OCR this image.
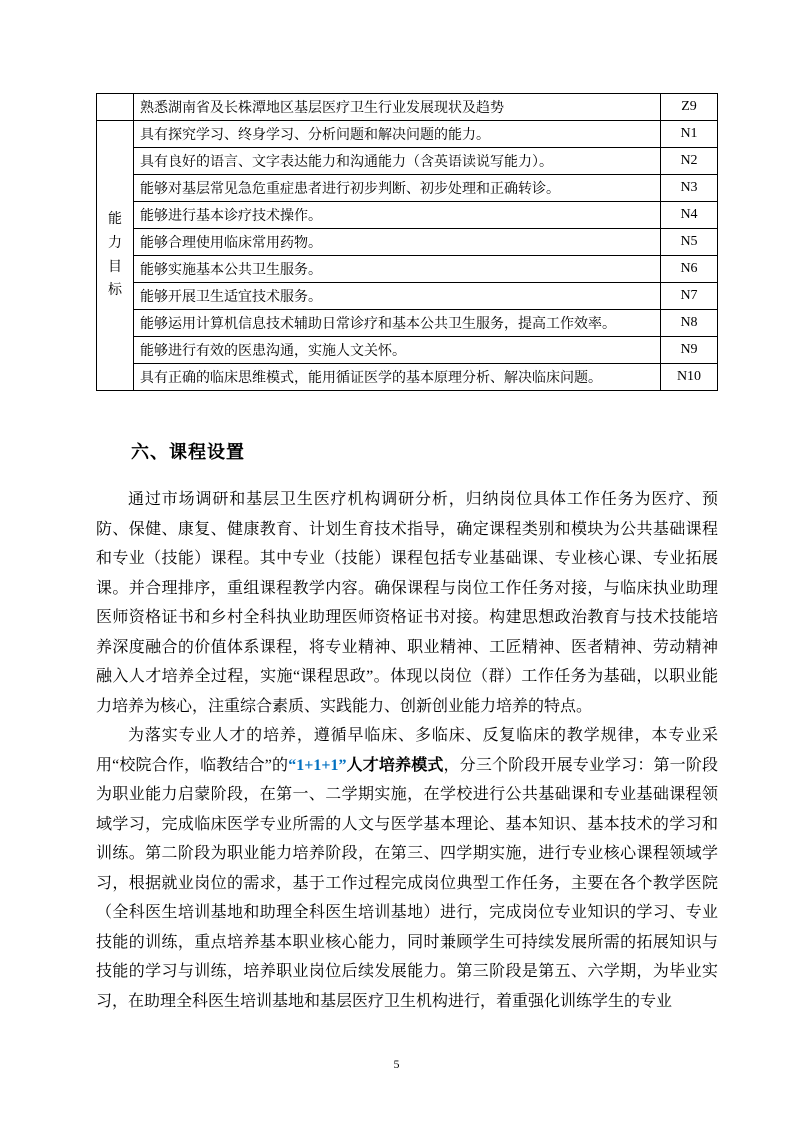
	熟悉湖南省及长株潭地区基层医疗卫生行业发展现状及趋势	Z9
能力目标	具有探究学习、终身学习、分析问题和解决问题的能力。	N1
	具有良好的语言、文字表达能力和沟通能力（含英语读说写能力）。	N2
	能够对基层常见急危重症患者进行初步判断、初步处理和正确转诊。	N3
	能够进行基本诊疗技术操作。	N4
	能够合理使用临床常用药物。	N5
	能够实施基本公共卫生服务。	N6
	能够开展卫生适宜技术服务。	N7
	能够运用计算机信息技术辅助日常诊疗和基本公共卫生服务，提高工作效率。	N8
	能够进行有效的医患沟通，实施人文关怀。	N9
	具有正确的临床思维模式，能用循证医学的基本原理分析、解决临床问题。	N10
六、课程设置

通过市场调研和基层卫生医疗机构调研分析，归纳岗位具体工作任务为医疗、预防、保健、康复、健康教育、计划生育技术指导，确定课程类别和模块为公共基础课程和专业（技能）课程。其中专业（技能）课程包括专业基础课、专业核心课、专业拓展课。并合理排序，重组课程教学内容。确保课程与岗位工作任务对接，与临床执业助理医师资格证书和乡村全科执业助理医师资格证书对接。构建思想政治教育与技术技能培养深度融合的价值体系课程，将专业精神、职业精神、工匠精神、医者精神、劳动精神融入人才培养全过程，实施“课程思政”。体现以岗位（群）工作任务为基础，以职业能力培养为核心，注重综合素质、实践能力、创新创业能力培养的特点。

为落实专业人才的培养，遵循早临床、多临床、反复临床的教学规律，本专业采用“校院合作，临教结合”的“1+1+1”人才培养模式，分三个阶段开展专业学习：第一阶段为职业能力启蒙阶段，在第一、二学期实施，在学校进行公共基础课和专业基础课程领域学习，完成临床医学专业所需的人文与医学基本理论、基本知识、基本技术的学习和训练。第二阶段为职业能力培养阶段，在第三、四学期实施，进行专业核心课程领域学习，根据就业岗位的需求，基于工作过程完成岗位典型工作任务，主要在各个教学医院（全科医生培训基地和助理全科医生培训基地）进行，完成岗位专业知识的学习、专业技能的训练，重点培养基本职业核心能力，同时兼顾学生可持续发展所需的拓展知识与技能的学习与训练，培养职业岗位后续发展能力。第三阶段是第五、六学期，为毕业实习，在助理全科医生培训基地和基层医疗卫生机构进行，着重强化训练学生的专业

5
